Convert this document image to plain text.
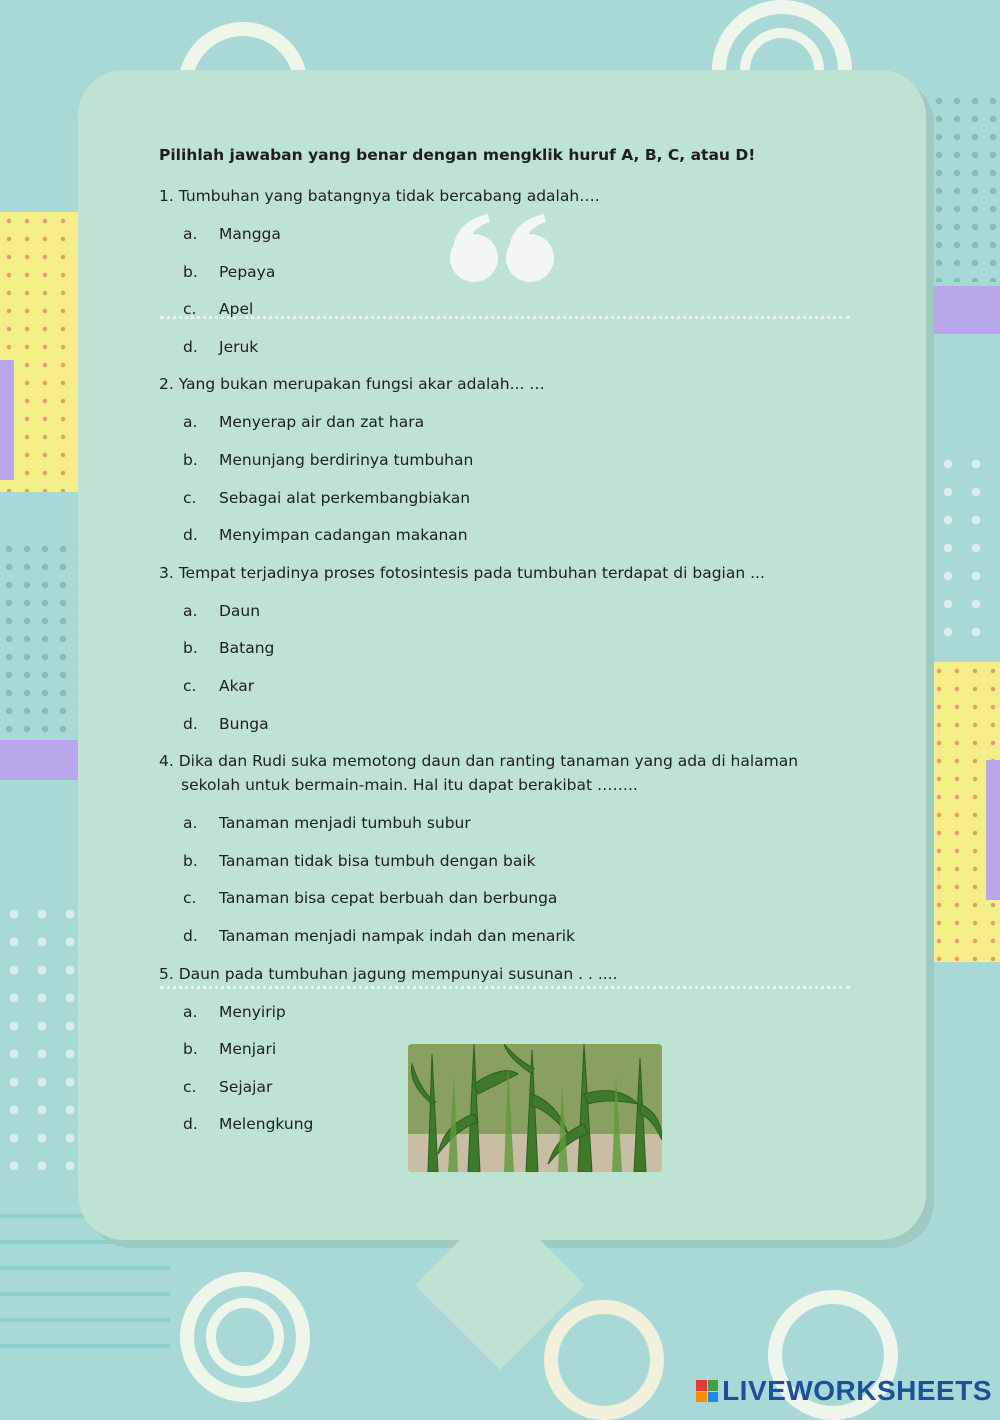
Pilihlah jawaban yang benar dengan mengklik huruf A, B, C, atau D!
1. Tumbuhan yang batangnya tidak bercabang adalah….
a.	Mangga
b.	Pepaya
c.	Apel
d.	Jeruk
2. Yang bukan merupakan fungsi akar adalah... …
a.	Menyerap air dan zat hara
b.	Menunjang berdirinya tumbuhan
c.	Sebagai alat perkembangbiakan
d.	Menyimpan cadangan makanan
3. Tempat terjadinya proses fotosintesis pada tumbuhan terdapat di bagian ...
a.	Daun
b.	Batang
c.	Akar
d.	Bunga
4. Dika dan Rudi suka memotong daun dan ranting tanaman yang ada di halaman sekolah untuk bermain-main. Hal itu dapat berakibat ……..
a.	Tanaman menjadi tumbuh subur
b.	Tanaman tidak bisa tumbuh dengan baik
c.	Tanaman bisa cepat berbuah dan berbunga
d.	Tanaman menjadi nampak indah dan menarik
5. Daun pada tumbuhan jagung mempunyai susunan . . ....
a.	Menyirip
b.	Menjari
c.	Sejajar
d.	Melengkung
LIVEWORKSHEETS
